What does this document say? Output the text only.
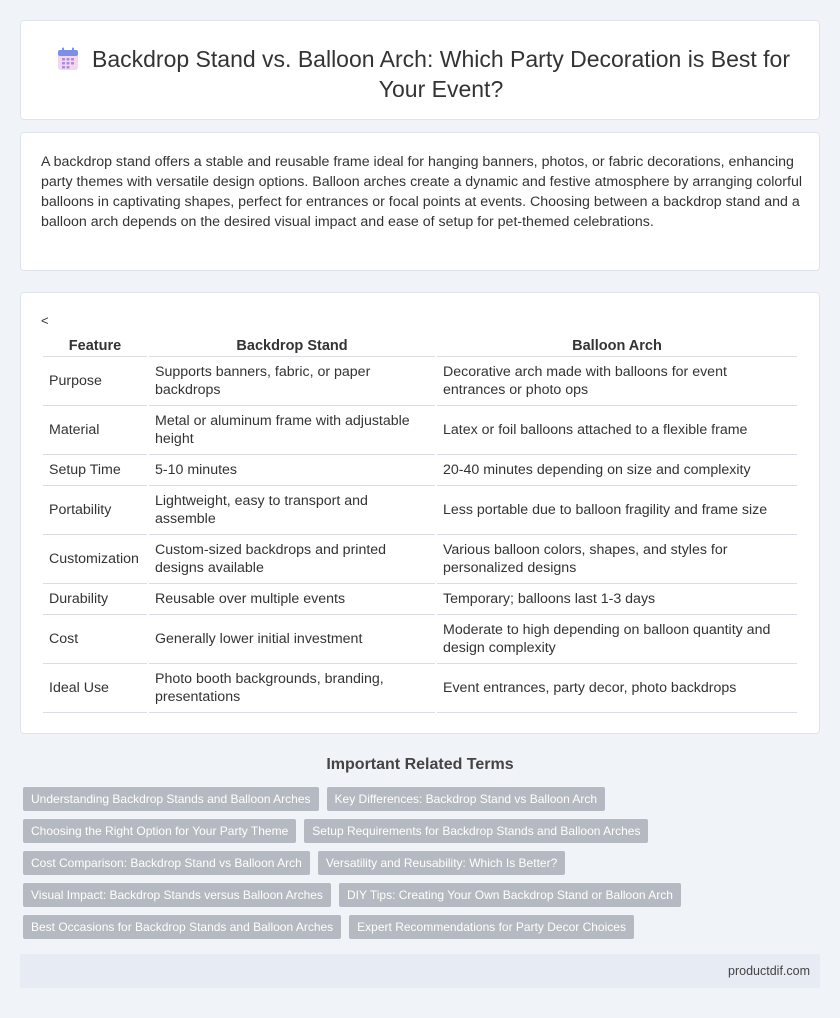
Backdrop Stand vs. Balloon Arch: Which Party Decoration is Best for Your Event?

A backdrop stand offers a stable and reusable frame ideal for hanging banners, photos, or fabric decorations, enhancing party themes with versatile design options. Balloon arches create a dynamic and festive atmosphere by arranging colorful balloons in captivating shapes, perfect for entrances or focal points at events. Choosing between a backdrop stand and a balloon arch depends on the desired visual impact and ease of setup for pet-themed celebrations.

<
Feature	Backdrop Stand	Balloon Arch
Purpose	Supports banners, fabric, or paper backdrops	Decorative arch made with balloons for event entrances or photo ops
Material	Metal or aluminum frame with adjustable height	Latex or foil balloons attached to a flexible frame
Setup Time	5-10 minutes	20-40 minutes depending on size and complexity
Portability	Lightweight, easy to transport and assemble	Less portable due to balloon fragility and frame size
Customization	Custom-sized backdrops and printed designs available	Various balloon colors, shapes, and styles for personalized designs
Durability	Reusable over multiple events	Temporary; balloons last 1-3 days
Cost	Generally lower initial investment	Moderate to high depending on balloon quantity and design complexity
Ideal Use	Photo booth backgrounds, branding, presentations	Event entrances, party decor, photo backdrops
Important Related Terms
Understanding Backdrop Stands and Balloon Arches	Key Differences: Backdrop Stand vs Balloon Arch
Choosing the Right Option for Your Party Theme	Setup Requirements for Backdrop Stands and Balloon Arches
Cost Comparison: Backdrop Stand vs Balloon Arch	Versatility and Reusability: Which Is Better?
Visual Impact: Backdrop Stands versus Balloon Arches	DIY Tips: Creating Your Own Backdrop Stand or Balloon Arch
Best Occasions for Backdrop Stands and Balloon Arches	Expert Recommendations for Party Decor Choices
productdif.com
